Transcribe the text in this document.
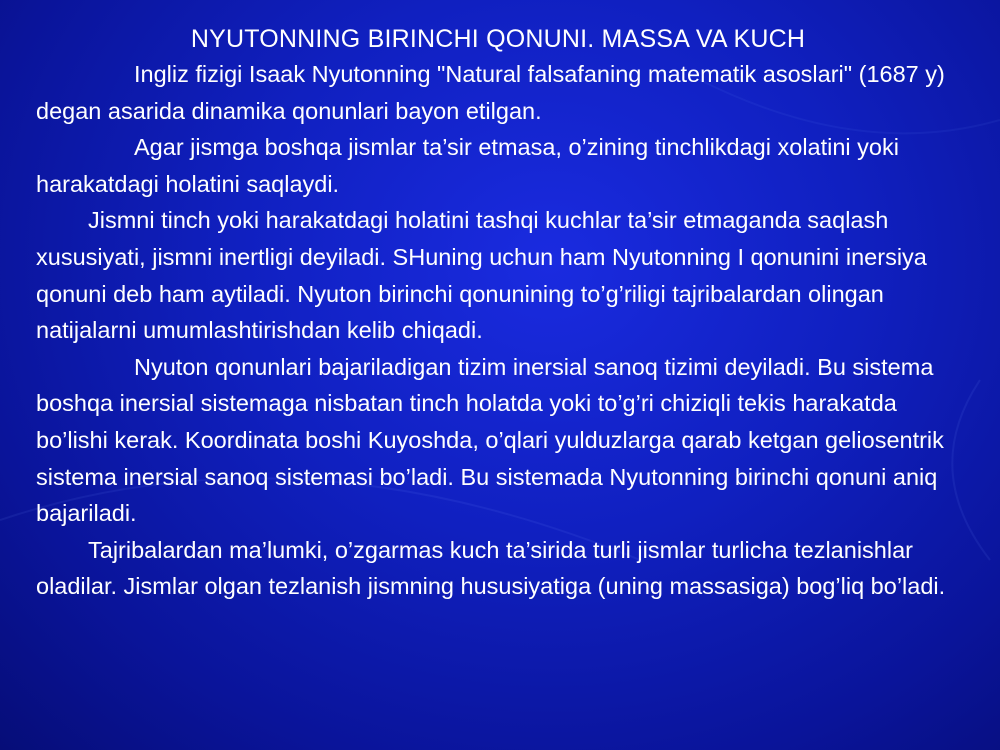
NYUTONNING BIRINCHI QONUNI. MASSA VA KUCH

Ingliz fizigi Isaak Nyutonning "Natural falsafaning matematik asoslari" (1687 y) degan asarida dinamika qonunlari bayon etilgan.

Agar jismga boshqa jismlar ta’sir etmasa, o’zining tinchlikdagi xolatini yoki harakatdagi holatini saqlaydi.

Jismni tinch yoki harakatdagi holatini tashqi kuchlar ta’sir etmaganda saqlash xususiyati, jismni inertligi deyiladi. SHuning uchun ham Nyutonning I qonunini inersiya qonuni deb ham aytiladi. Nyuton birinchi qonunining to’g’riligi tajribalardan olingan natijalarni umumlashtirishdan kelib chiqadi.

Nyuton qonunlari bajariladigan tizim inersial sanoq tizimi deyiladi. Bu sistema boshqa inersial sistemaga nisbatan tinch holatda yoki to’g’ri chiziqli tekis harakatda bo’lishi kerak. Koordinata boshi Kuyoshda, o’qlari yulduzlarga qarab ketgan geliosentrik sistema inersial sanoq sistemasi bo’ladi. Bu sistemada Nyutonning birinchi qonuni aniq bajariladi.

Tajribalardan ma’lumki, o’zgarmas kuch ta’sirida turli jismlar turlicha tezlanishlar oladilar. Jismlar olgan tezlanish jismning hususiyatiga (uning massasiga) bog’liq bo’ladi.
